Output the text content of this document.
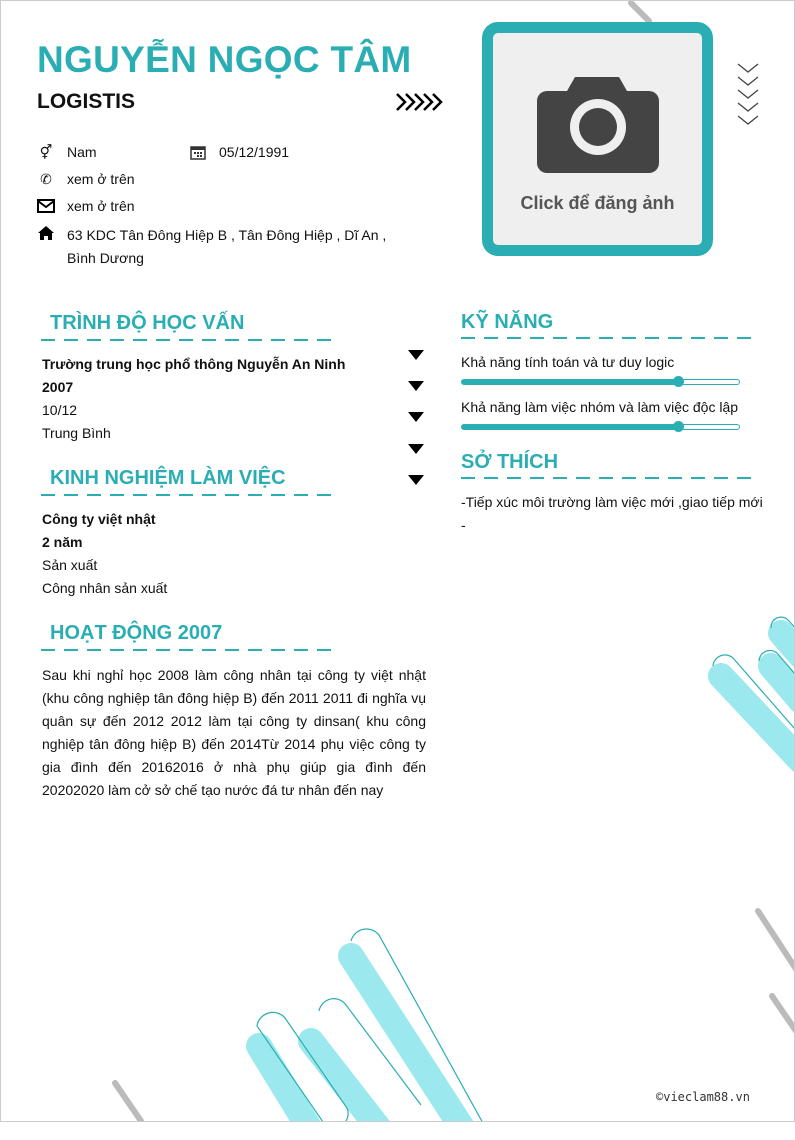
NGUYỄN NGỌC TÂM
LOGISTIS
⚥ Nam	05/12/1991
✆ xem ở trên
xem ở trên
63 KDC Tân Đông Hiệp B , Tân Đông Hiệp , Dĩ An , Bình Dương
Click để đăng ảnh
TRÌNH ĐỘ HỌC VẤN
Trường trung học phổ thông Nguyễn An Ninh
2007
10/12
Trung Bình
KINH NGHIỆM LÀM VIỆC
Công ty việt nhật
2 năm
Sản xuất
Công nhân sản xuất
HOẠT ĐỘNG 2007
Sau khi nghỉ học 2008 làm công nhân tại công ty việt nhật (khu công nghiệp tân đông hiệp B) đến 2011 2011 đi nghĩa vụ quân sự đến 2012 2012 làm tại công ty dinsan( khu công nghiệp tân đông hiệp B) đến 2014Từ 2014 phụ việc công ty gia đình đến 20162016 ở nhà phụ giúp gia đình đến 20202020 làm cở sở chế tạo nước đá tư nhân đến nay
KỸ NĂNG
Khả năng tính toán và tư duy logic
Khả năng làm việc nhóm và làm việc độc lập
SỞ THÍCH
-Tiếp xúc môi trường làm việc mới ,giao tiếp mới
-
©vieclam88.vn
